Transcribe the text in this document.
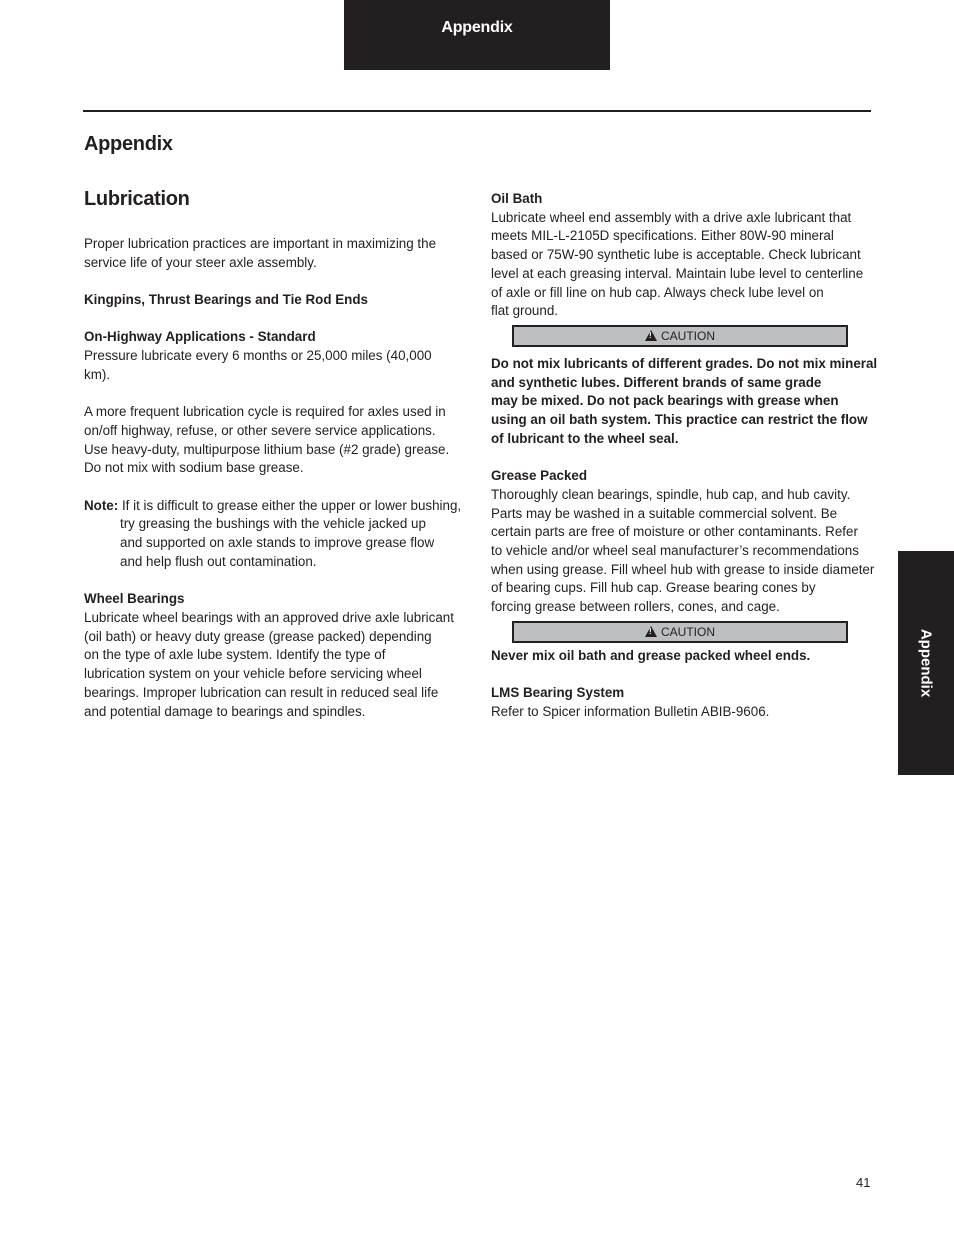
Appendix
Appendix
Lubrication

Proper lubrication practices are important in maximizing the
service life of your steer axle assembly.

Kingpins, Thrust Bearings and Tie Rod Ends

On-Highway Applications - Standard

Pressure lubricate every 6 months or 25,000 miles (40,000
km).

A more frequent lubrication cycle is required for axles used in
on/off highway, refuse, or other severe service applications.
Use heavy-duty, multipurpose lithium base (#2 grade) grease.
Do not mix with sodium base grease.

Note: If it is difficult to grease either the upper or lower bushing,
try greasing the bushings with the vehicle jacked up
and supported on axle stands to improve grease flow
and help flush out contamination.

Wheel Bearings

Lubricate wheel bearings with an approved drive axle lubricant
(oil bath) or heavy duty grease (grease packed) depending
on the type of axle lube system. Identify the type of
lubrication system on your vehicle before servicing wheel
bearings. Improper lubrication can result in reduced seal life
and potential damage to bearings and spindles.

Oil Bath

Lubricate wheel end assembly with a drive axle lubricant that
meets MIL-L-2105D specifications. Either 80W-90 mineral
based or 75W-90 synthetic lube is acceptable. Check lubricant
level at each greasing interval. Maintain lube level to centerline
of axle or fill line on hub cap. Always check lube level on
flat ground.

!CAUTION

Do not mix lubricants of different grades. Do not mix mineral
and synthetic lubes. Different brands of same grade
may be mixed. Do not pack bearings with grease when
using an oil bath system. This practice can restrict the flow
of lubricant to the wheel seal.

Grease Packed

Thoroughly clean bearings, spindle, hub cap, and hub cavity.
Parts may be washed in a suitable commercial solvent. Be
certain parts are free of moisture or other contaminants. Refer
to vehicle and/or wheel seal manufacturer’s recommendations
when using grease. Fill wheel hub with grease to inside diameter
of bearing cups. Fill hub cap. Grease bearing cones by
forcing grease between rollers, cones, and cage.

!CAUTION

Never mix oil bath and grease packed wheel ends.

LMS Bearing System

Refer to Spicer information Bulletin ABIB-9606.

Appendix
41
